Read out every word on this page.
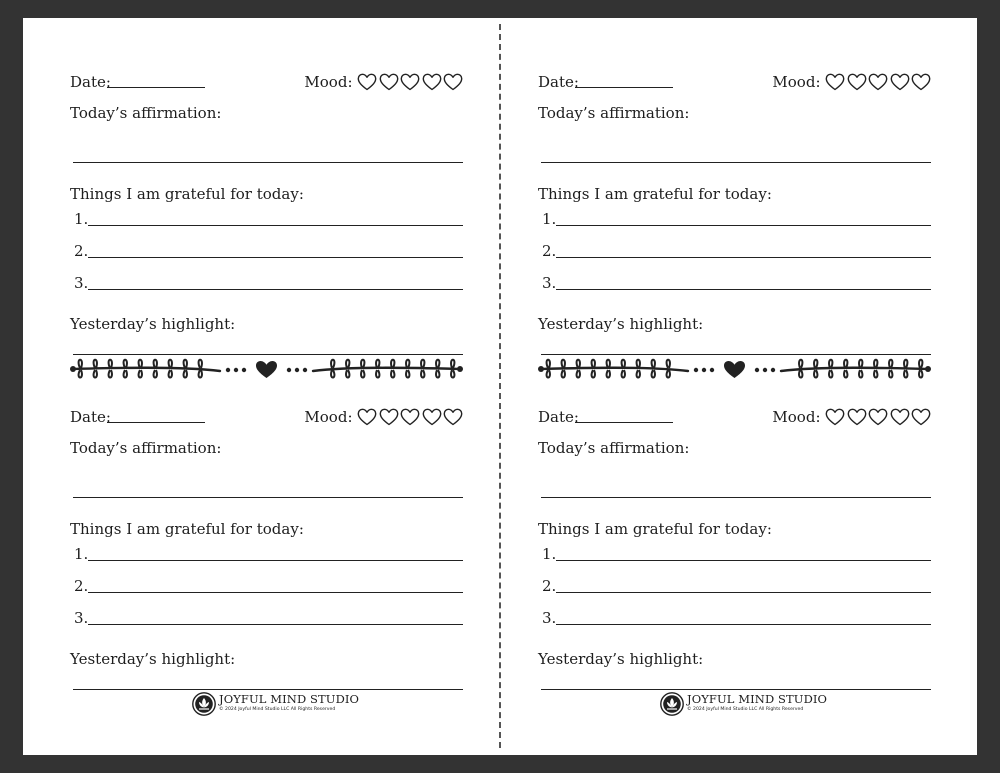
Date:	Mood:
Today’s affirmation:
Things I am grateful for today:
1.
2.
3.
Yesterday’s highlight:
Date:	Mood:
Today’s affirmation:
Things I am grateful for today:
1.
2.
3.
Yesterday’s highlight:
JOYFUL MIND STUDIO
© 2024 Joyful Mind Studio LLC All Rights Reserved
Date:	Mood:
Today’s affirmation:
Things I am grateful for today:
1.
2.
3.
Yesterday’s highlight:
Date:	Mood:
Today’s affirmation:
Things I am grateful for today:
1.
2.
3.
Yesterday’s highlight:
JOYFUL MIND STUDIO
© 2024 Joyful Mind Studio LLC All Rights Reserved
